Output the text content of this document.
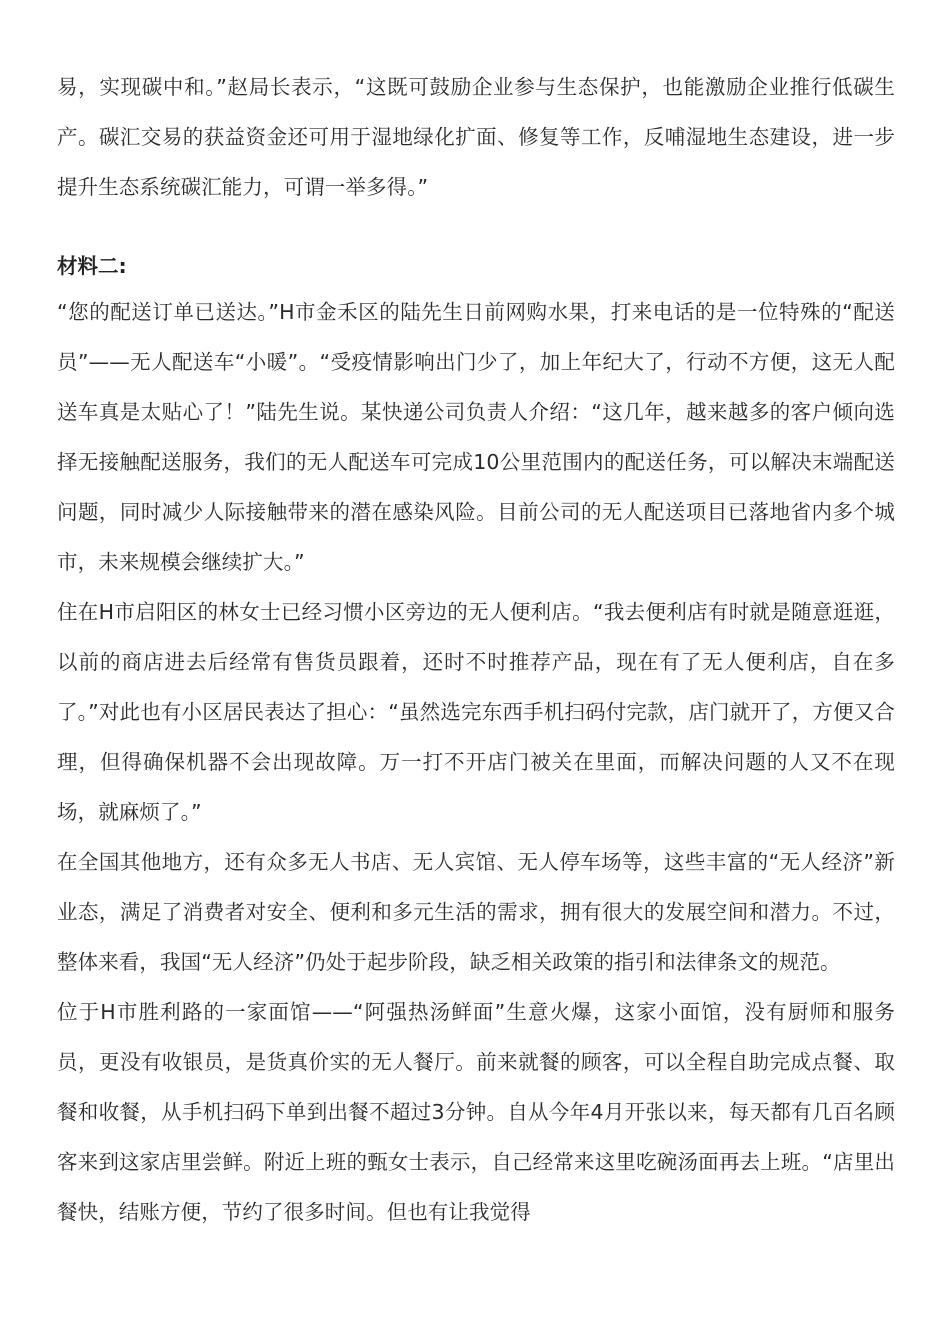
易，实现碳中和。”赵局长表示，“这既可鼓励企业参与生态保护，也能激励企业推行低碳生产。碳汇交易的获益资金还可用于湿地绿化扩面、修复等工作，反哺湿地生态建设，进一步提升生态系统碳汇能力，可谓一举多得。”

材料二:

“您的配送订单已送达。”H市金禾区的陆先生日前网购水果，打来电话的是一位特殊的“配送员”——无人配送车“小暖”。“受疫情影响出门少了，加上年纪大了，行动不方便，这无人配送车真是太贴心了！”陆先生说。某快递公司负责人介绍：“这几年，越来越多的客户倾向选择无接触配送服务，我们的无人配送车可完成10公里范围内的配送任务，可以解决末端配送问题，同时减少人际接触带来的潜在感染风险。目前公司的无人配送项目已落地省内多个城市，未来规模会继续扩大。”

住在H市启阳区的林女士已经习惯小区旁边的无人便利店。“我去便利店有时就是随意逛逛，以前的商店进去后经常有售货员跟着，还时不时推荐产品，现在有了无人便利店，自在多了。”对此也有小区居民表达了担心：“虽然选完东西手机扫码付完款，店门就开了，方便又合理，但得确保机器不会出现故障。万一打不开店门被关在里面，而解决问题的人又不在现场，就麻烦了。”

在全国其他地方，还有众多无人书店、无人宾馆、无人停车场等，这些丰富的“无人经济”新业态，满足了消费者对安全、便利和多元生活的需求，拥有很大的发展空间和潜力。不过，整体来看，我国“无人经济”仍处于起步阶段，缺乏相关政策的指引和法律条文的规范。

位于H市胜利路的一家面馆——“阿强热汤鲜面”生意火爆，这家小面馆，没有厨师和服务员，更没有收银员，是货真价实的无人餐厅。前来就餐的顾客，可以全程自助完成点餐、取餐和收餐，从手机扫码下单到出餐不超过3分钟。自从今年4月开张以来，每天都有几百名顾客来到这家店里尝鲜。附近上班的甄女士表示，自己经常来这里吃碗汤面再去上班。“店里出餐快，结账方便，节约了很多时间。但也有让我觉得
